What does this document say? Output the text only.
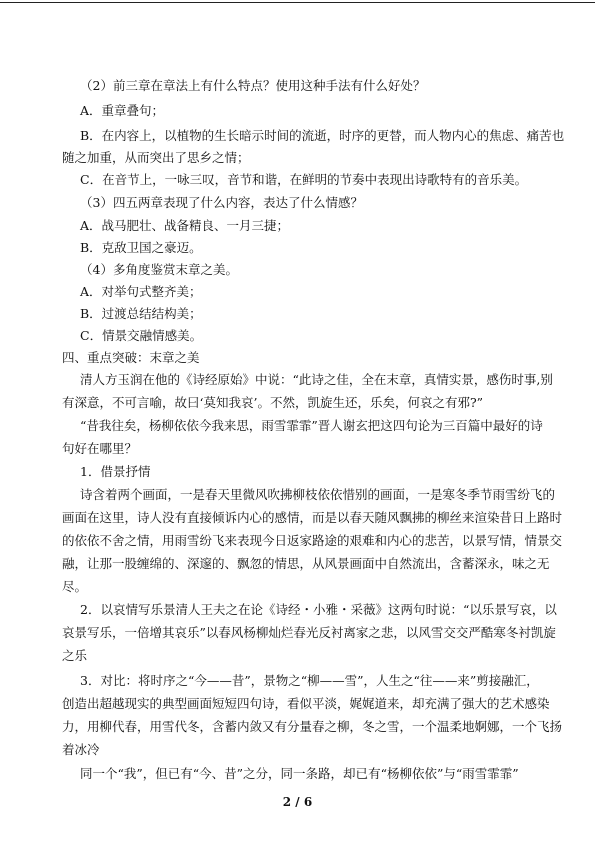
（2）前三章在章法上有什么特点？使用这种手法有什么好处？
A．重章叠句；
B．在内容上，以植物的生长暗示时间的流逝，时序的更替，而人物内心的焦虑、痛苦也
随之加重，从而突出了思乡之情；
C．在音节上，一咏三叹，音节和谐，在鲜明的节奏中表现出诗歌特有的音乐美。
（3）四五两章表现了什么内容，表达了什么情感？
A．战马肥壮、战备精良、一月三捷；
B．克敌卫国之豪迈。
（4）多角度鉴赏末章之美。
A．对举句式整齐美；
B．过渡总结结构美；
C．情景交融情感美。
四、重点突破：末章之美
清人方玉润在他的《诗经原始》中说：“此诗之佳，全在末章，真情实景，感伤时事,别
有深意，不可言喻，故曰‘莫知我哀’。不然，凯旋生还，乐矣，何哀之有邪?”
“昔我往矣，杨柳依依今我来思，雨雪霏霏”晋人谢玄把这四句论为三百篇中最好的诗
句好在哪里？
1．借景抒情
诗含着两个画面，一是春天里微风吹拂柳枝依依惜别的画面，一是寒冬季节雨雪纷飞的
画面在这里，诗人没有直接倾诉内心的感情，而是以春天随风飘拂的柳丝来渲染昔日上路时
的依依不舍之情，用雨雪纷飞来表现今日返家路途的艰难和内心的悲苦，以景写情，情景交
融，让那一股缠绵的、深邃的、飘忽的情思，从风景画面中自然流出，含蓄深永，味之无
尽。
2．以哀情写乐景清人王夫之在论《诗经・小雅・采薇》这两句时说：“以乐景写哀，以
哀景写乐，一倍增其哀乐”以春风杨柳灿烂春光反衬离家之悲，以风雪交交严酷寒冬衬凯旋
之乐
3．对比：将时序之“今——昔”，景物之“柳——雪”，人生之“往——来”剪接融汇，
创造出超越现实的典型画面短短四句诗，看似平淡，娓娓道来，却充满了强大的艺术感染
力，用柳代春，用雪代冬，含蓄内敛又有分量春之柳，冬之雪，一个温柔地婀娜，一个飞扬
着冰冷
同一个“我”，但已有“今、昔”之分，同一条路，却已有“杨柳依依”与“雨雪霏霏”
2 / 6
